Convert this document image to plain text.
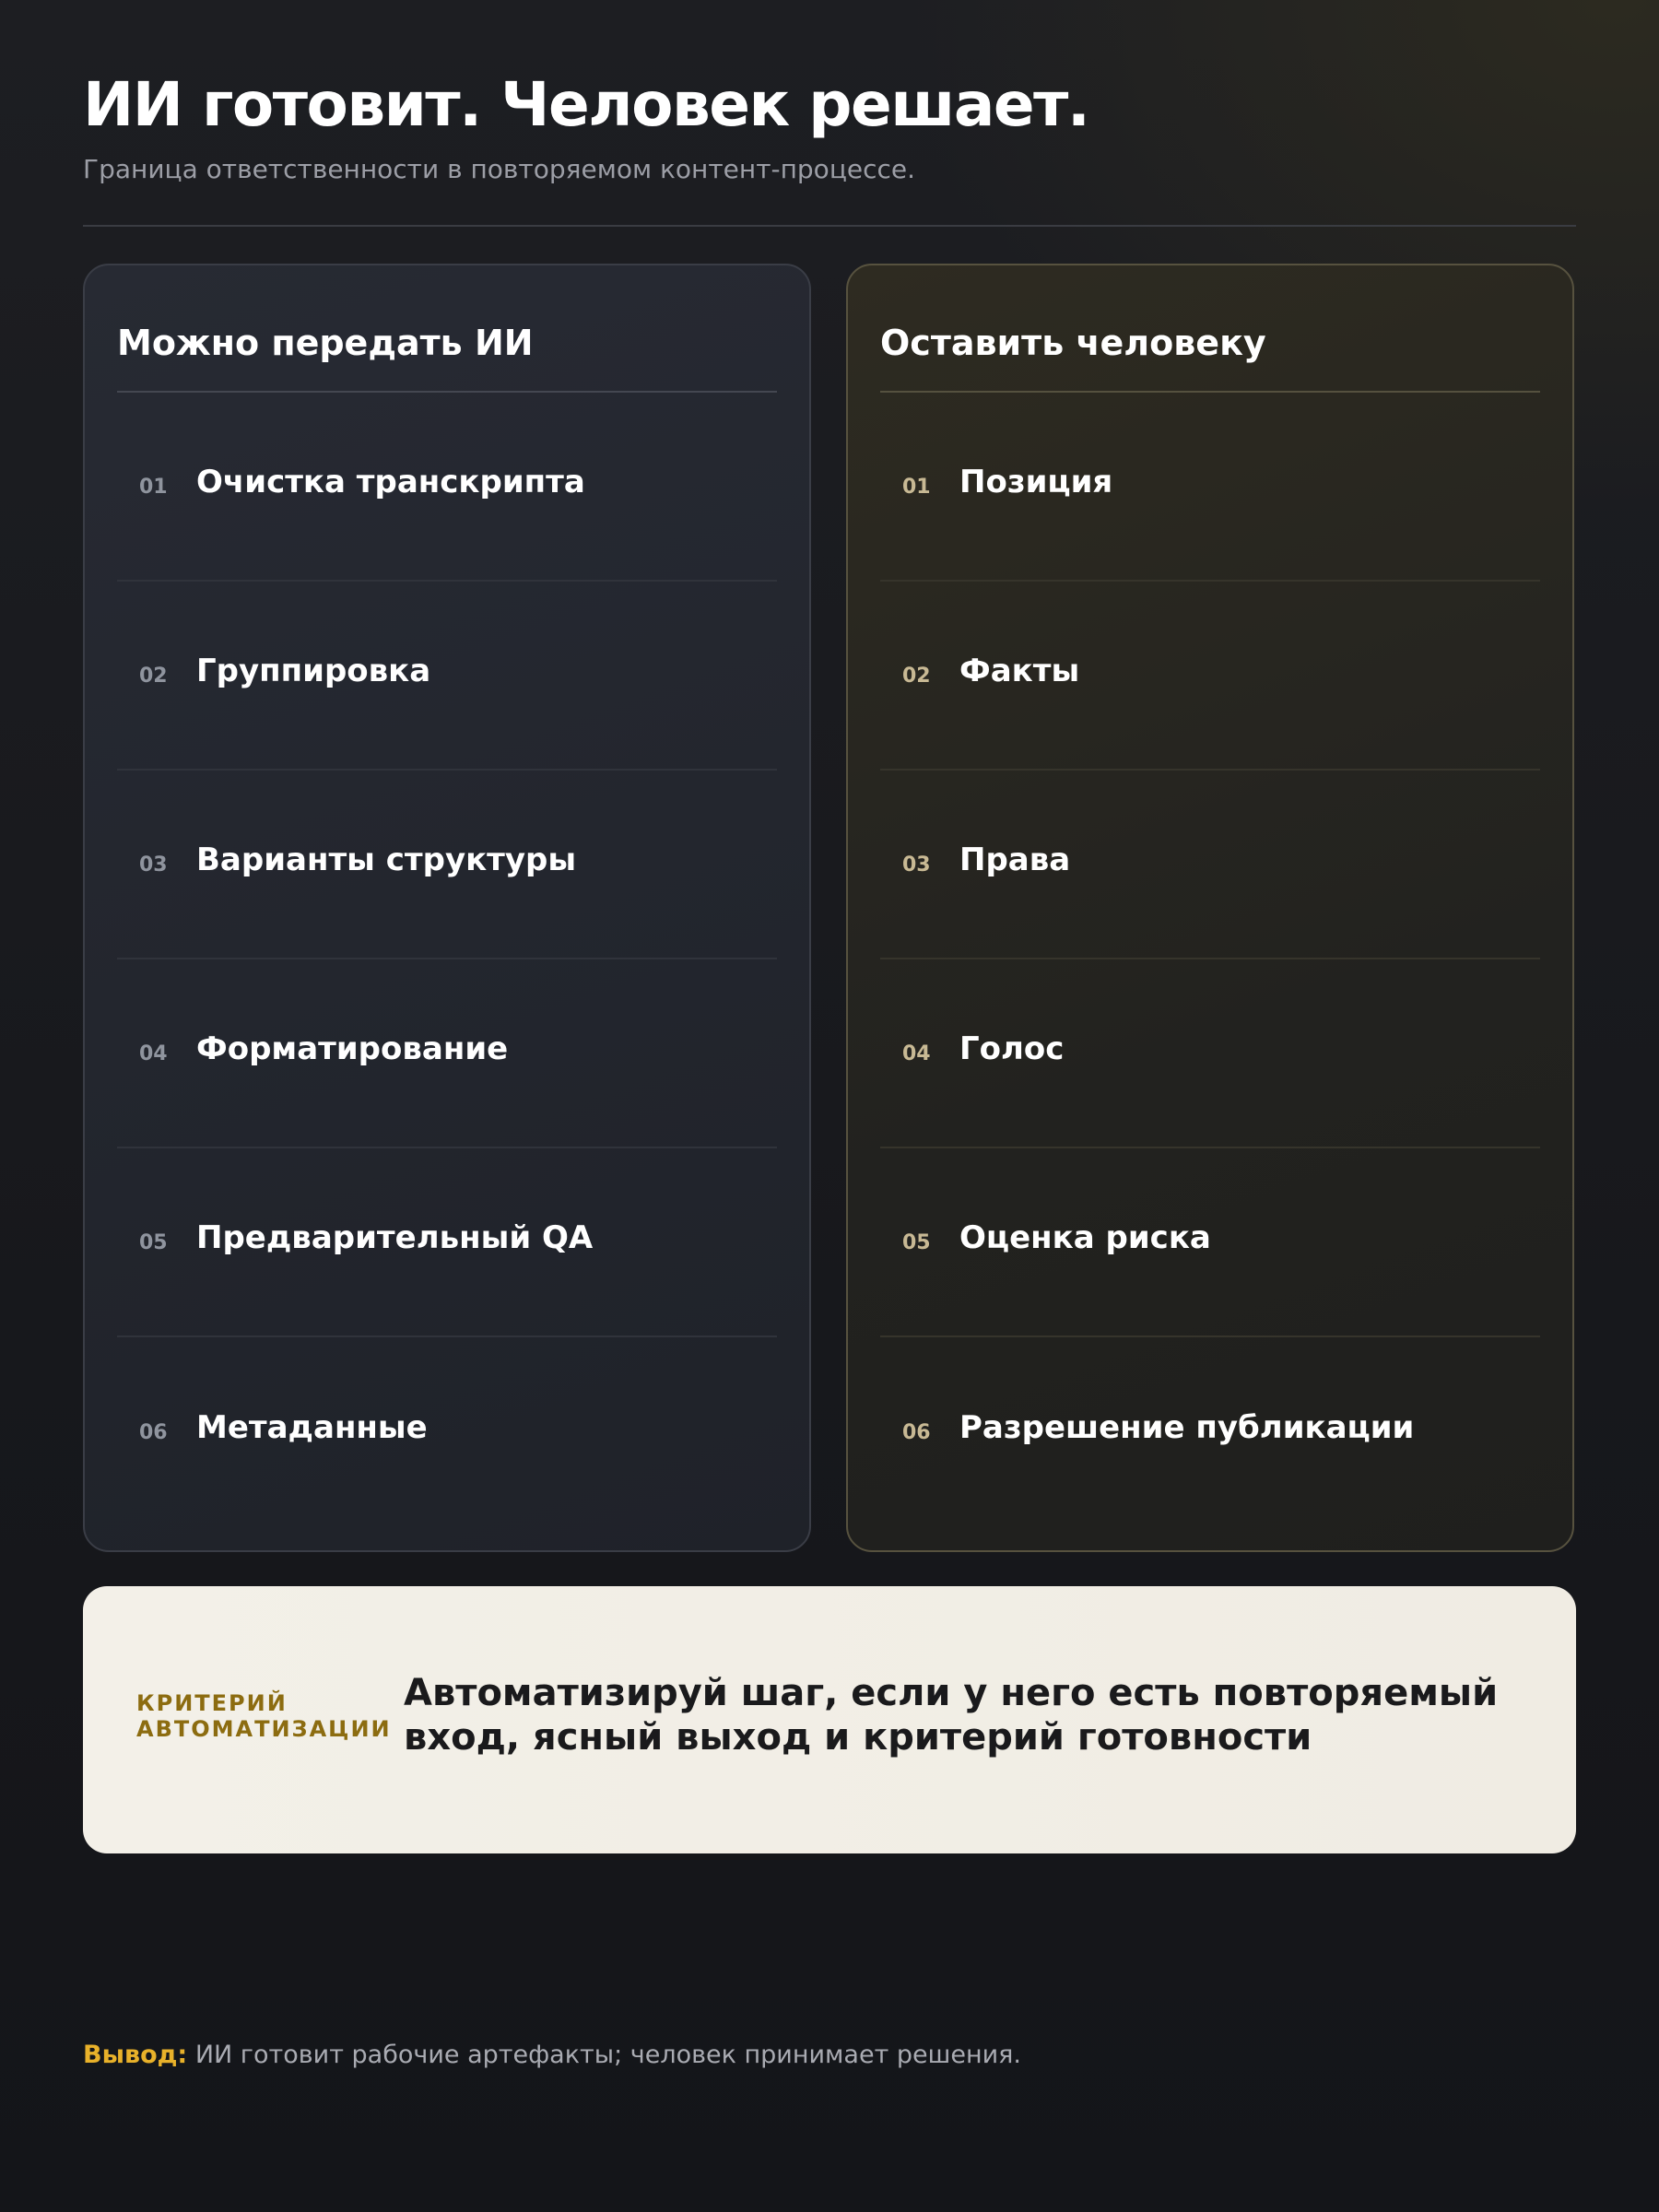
ИИ готовит. Человек решает.
Граница ответственности в повторяемом контент-процессе.
Можно передать ИИ
01 Очистка транскрипта
02 Группировка
03 Варианты структуры
04 Форматирование
05 Предварительный QA
06 Метаданные
Оставить человеку
01 Позиция
02 Факты
03 Права
04 Голос
05 Оценка риска
06 Разрешение публикации
КРИТЕРИЙ
АВТОМАТИЗАЦИИ
Автоматизируй шаг, если у него есть повторяемый вход, ясный выход и критерий готовности
Вывод: ИИ готовит рабочие артефакты; человек принимает решения.
